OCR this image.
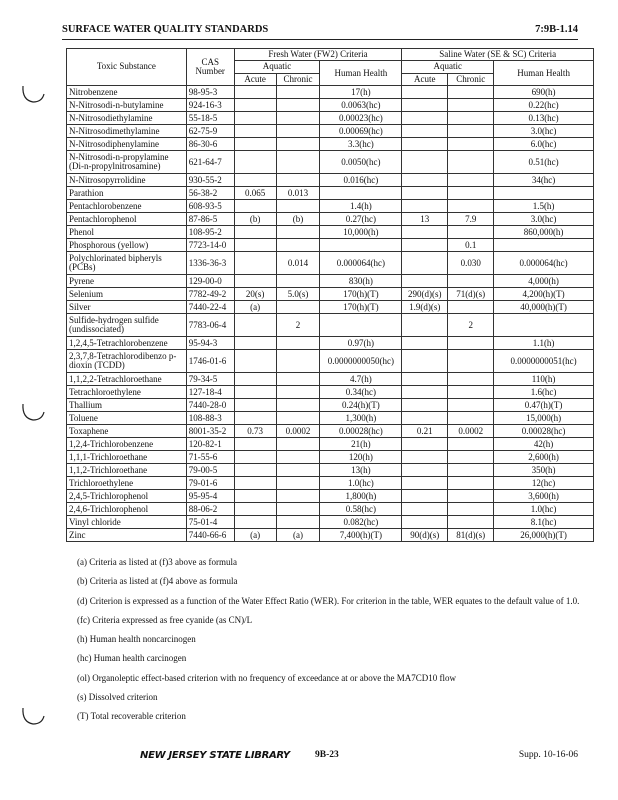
SURFACE WATER QUALITY STANDARDS	7:9B-1.14
Toxic Substance	CAS Number	Fresh Water (FW2) Criteria			Saline Water (SE & SC) Criteria		
		Aquatic		Human Health	Aquatic		Human Health
		Acute	Chronic		Acute	Chronic	
Nitrobenzene	98-95-3			17(h)			690(h)
N-Nitrosodi-n-butylamine	924-16-3			0.0063(hc)			0.22(hc)
N-Nitrosodiethylamine	55-18-5			0.00023(hc)			0.13(hc)
N-Nitrosodimethylamine	62-75-9			0.00069(hc)			3.0(hc)
N-Nitrosodiphenylamine	86-30-6			3.3(hc)			6.0(hc)
N-Nitrosodi-n-propylamine (Di-n-propylnitrosamine)	621-64-7			0.0050(hc)			0.51(hc)
N-Nitrosopyrrolidine	930-55-2			0.016(hc)			34(hc)
Parathion	56-38-2	0.065	0.013				
Pentachlorobenzene	608-93-5			1.4(h)			1.5(h)
Pentachlorophenol	87-86-5	(b)	(b)	0.27(hc)	13	7.9	3.0(hc)
Phenol	108-95-2			10,000(h)			860,000(h)
Phosphorous (yellow)	7723-14-0					0.1	
Polychlorinated bipheryls (PCBs)	1336-36-3		0.014	0.000064(hc)		0.030	0.000064(hc)
Pyrene	129-00-0			830(h)			4,000(h)
Selenium	7782-49-2	20(s)	5.0(s)	170(h)(T)	290(d)(s)	71(d)(s)	4,200(h)(T)
Silver	7440-22-4	(a)		170(h)(T)	1.9(d)(s)		40,000(h)(T)
Sulfide-hydrogen sulfide (undissociated)	7783-06-4		2			2	
1,2,4,5-Tetrachlorobenzene	95-94-3			0.97(h)			1.1(h)
2,3,7,8-Tetrachlorodibenzo p-dioxin (TCDD)	1746-01-6			0.0000000050(hc)			0.0000000051(hc)
1,1,2,2-Tetrachloroethane	79-34-5			4.7(h)			110(h)
Tetrachloroethylene	127-18-4			0.34(hc)			1.6(hc)
Thallium	7440-28-0			0.24(h)(T)			0.47(h)(T)
Toluene	108-88-3			1,300(h)			15,000(h)
Toxaphene	8001-35-2	0.73	0.0002	0.00028(hc)	0.21	0.0002	0.00028(hc)
1,2,4-Trichlorobenzene	120-82-1			21(h)			42(h)
1,1,1-Trichloroethane	71-55-6			120(h)			2,600(h)
1,1,2-Trichloroethane	79-00-5			13(h)			350(h)
Trichloroethylene	79-01-6			1.0(hc)			12(hc)
2,4,5-Trichlorophenol	95-95-4			1,800(h)			3,600(h)
2,4,6-Trichlorophenol	88-06-2			0.58(hc)			1.0(hc)
Vinyl chloride	75-01-4			0.082(hc)			8.1(hc)
Zinc	7440-66-6	(a)	(a)	7,400(h)(T)	90(d)(s)	81(d)(s)	26,000(h)(T)

(a) Criteria as listed at (f)3 above as formula

(b) Criteria as listed at (f)4 above as formula

(d) Criterion is expressed as a function of the Water Effect Ratio (WER). For criterion in the table, WER equates to the default value of 1.0.

(fc) Criteria expressed as free cyanide (as CN)/L

(h) Human health noncarcinogen

(hc) Human health carcinogen

(ol) Organoleptic effect-based criterion with no frequency of exceedance at or above the MA7CD10 flow

(s) Dissolved criterion

(T) Total recoverable criterion

NEW JERSEY STATE LIBRARY	9B-23	Supp. 10-16-06
